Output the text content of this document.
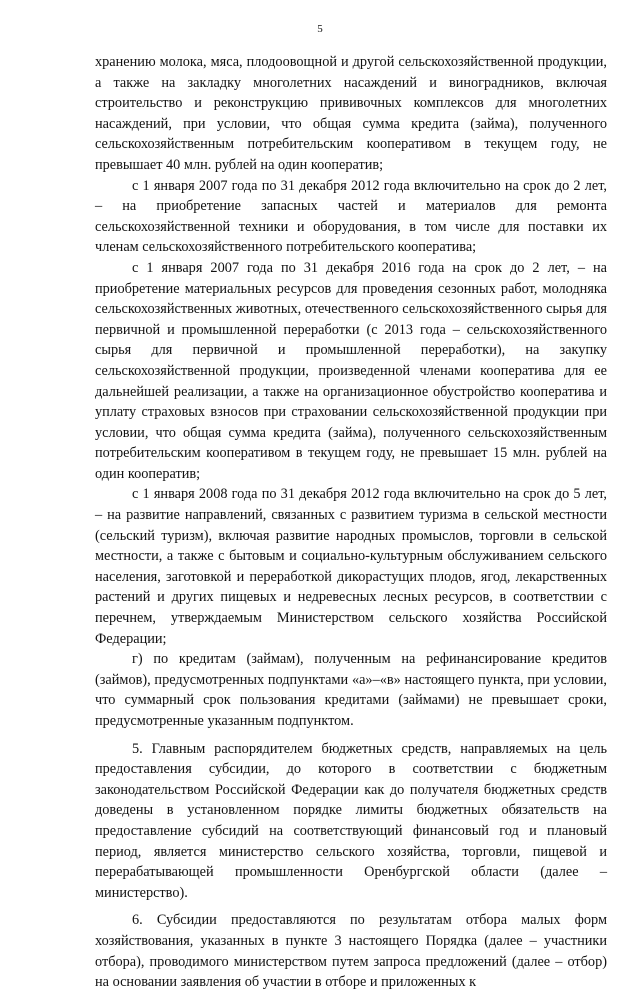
5

хранению молока, мяса, плодоовощной и другой сельскохозяйственной продукции, а также на закладку многолетних насаждений и виноградников, включая строительство и реконструкцию прививочных комплексов для многолетних насаждений, при условии, что общая сумма кредита (займа), полученного сельскохозяйственным потребительским кооперативом в текущем году, не превышает 40 млн. рублей на один кооператив;

с 1 января 2007 года по 31 декабря 2012 года включительно на срок до 2 лет, – на приобретение запасных частей и материалов для ремонта сельскохозяйственной техники и оборудования, в том числе для поставки их членам сельскохозяйственного потребительского кооператива;

с 1 января 2007 года по 31 декабря 2016 года на срок до 2 лет, – на приобретение материальных ресурсов для проведения сезонных работ, молодняка сельскохозяйственных животных, отечественного сельскохозяйственного сырья для первичной и промышленной переработки (с 2013 года – сельскохозяйственного сырья для первичной и промышленной переработки), на закупку сельскохозяйственной продукции, произведенной членами кооператива для ее дальнейшей реализации, а также на организационное обустройство кооператива и уплату страховых взносов при страховании сельскохозяйственной продукции при условии, что общая сумма кредита (займа), полученного сельскохозяйственным потребительским кооперативом в текущем году, не превышает 15 млн. рублей на один кооператив;

с 1 января 2008 года по 31 декабря 2012 года включительно на срок до 5 лет, – на развитие направлений, связанных с развитием туризма в сельской местности (сельский туризм), включая развитие народных промыслов, торговли в сельской местности, а также с бытовым и социально-культурным обслуживанием сельского населения, заготовкой и переработкой дикорастущих плодов, ягод, лекарственных растений и других пищевых и недревесных лесных ресурсов, в соответствии с перечнем, утверждаемым Министерством сельского хозяйства Российской Федерации;

г) по кредитам (займам), полученным на рефинансирование кредитов (займов), предусмотренных подпунктами «а»–«в» настоящего пункта, при условии, что суммарный срок пользования кредитами (займами) не превышает сроки, предусмотренные указанным подпунктом.

5. Главным распорядителем бюджетных средств, направляемых на цель предоставления субсидии, до которого в соответствии с бюджетным законодательством Российской Федерации как до получателя бюджетных средств доведены в установленном порядке лимиты бюджетных обязательств на предоставление субсидий на соответствующий финансовый год и плановый период, является министерство сельского хозяйства, торговли, пищевой и перерабатывающей промышленности Оренбургской области (далее – министерство).

6. Субсидии предоставляются по результатам отбора малых форм хозяйствования, указанных в пункте 3 настоящего Порядка (далее – участники отбора), проводимого министерством путем запроса предложений (далее – отбор) на основании заявления об участии в отборе и приложенных к
